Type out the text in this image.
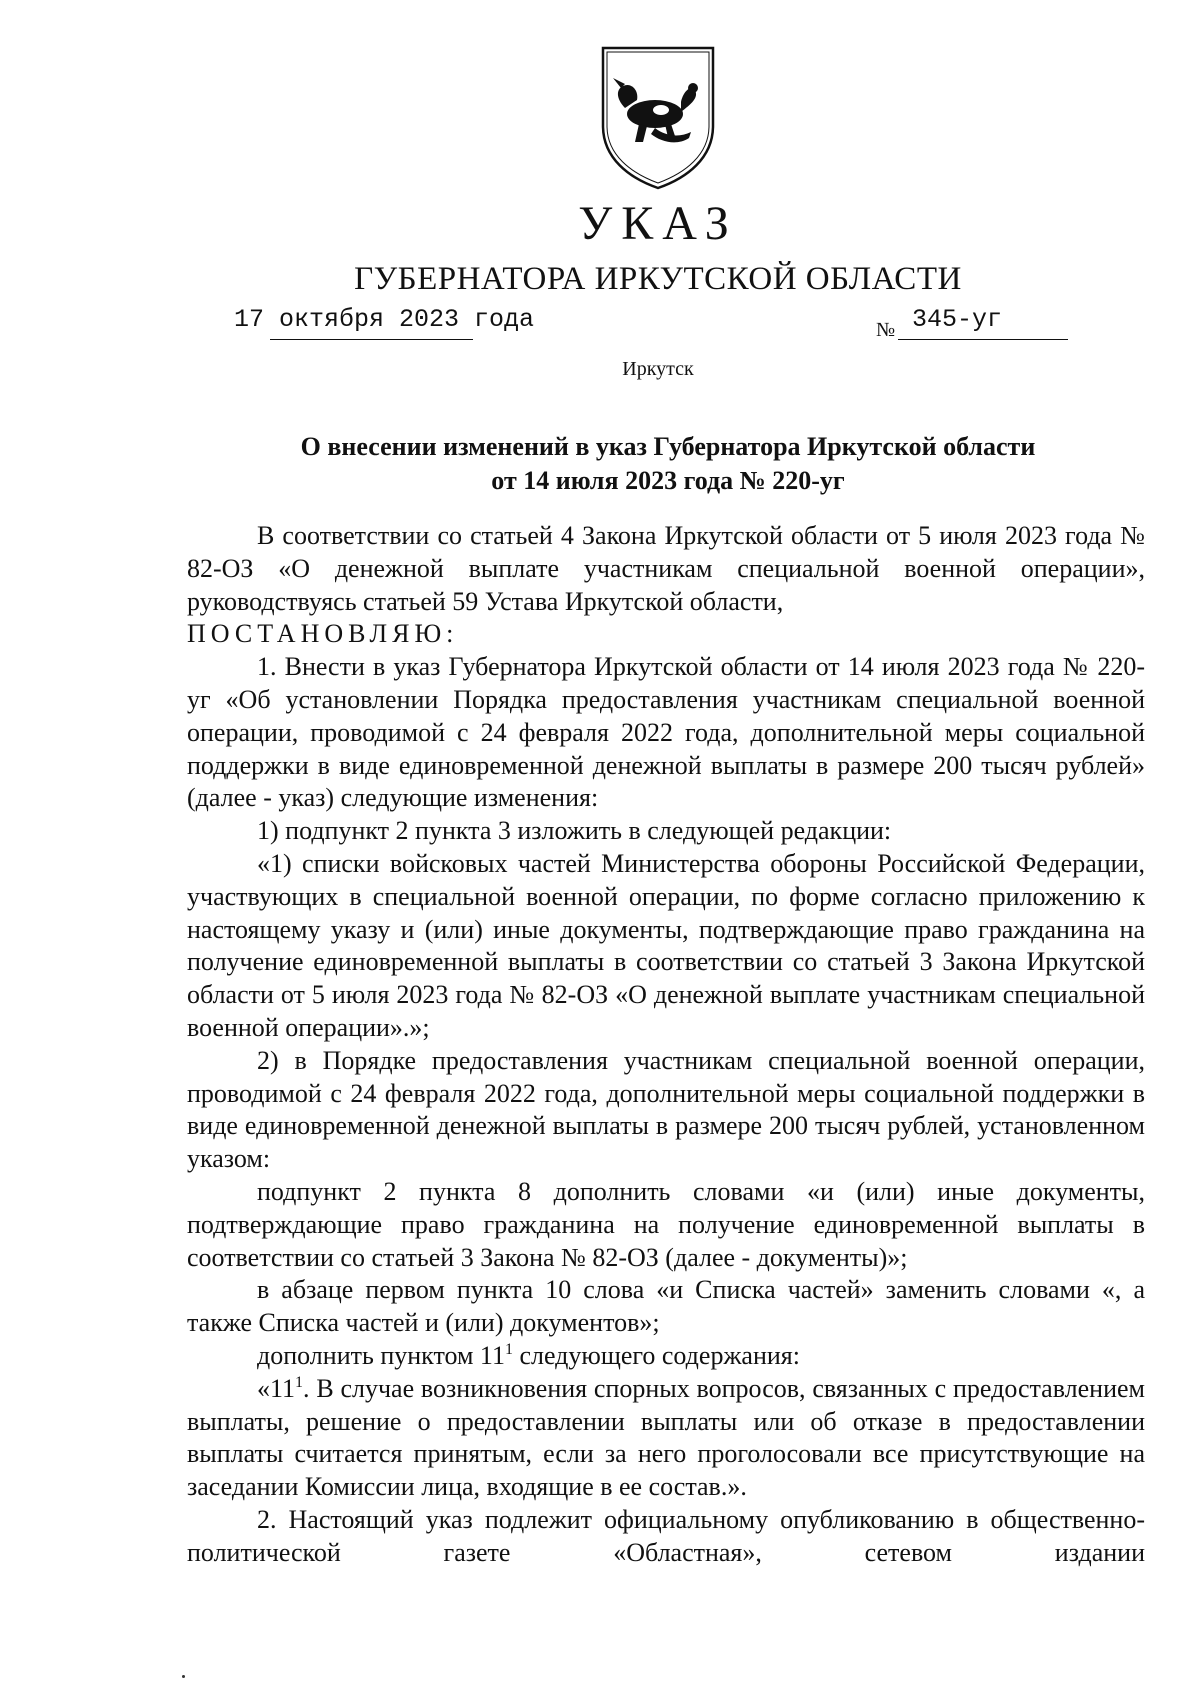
УКАЗ
ГУБЕРНАТОРА ИРКУТСКОЙ ОБЛАСТИ
17 октября 2023 года	№ 345-уг
Иркутск
О внесении изменений в указ Губернатора Иркутской области
от 14 июля 2023 года № 220-уг

В соответствии со статьей 4 Закона Иркутской области от 5 июля 2023 года № 82-ОЗ «О денежной выплате участникам специальной военной операции», руководствуясь статьей 59 Устава Иркутской области,

ПОСТАНОВЛЯЮ:

1. Внести в указ Губернатора Иркутской области от 14 июля 2023 года № 220-уг «Об установлении Порядка предоставления участникам специальной военной операции, проводимой с 24 февраля 2022 года, дополнительной меры социальной поддержки в виде единовременной денежной выплаты в размере 200 тысяч рублей» (далее - указ) следующие изменения:

1) подпункт 2 пункта 3 изложить в следующей редакции:

«1) списки войсковых частей Министерства обороны Российской Федерации, участвующих в специальной военной операции, по форме согласно приложению к настоящему указу и (или) иные документы, подтверждающие право гражданина на получение единовременной выплаты в соответствии со статьей 3 Закона Иркутской области от 5 июля 2023 года № 82-ОЗ «О денежной выплате участникам специальной военной операции».»;

2) в Порядке предоставления участникам специальной военной операции, проводимой с 24 февраля 2022 года, дополнительной меры социальной поддержки в виде единовременной денежной выплаты в размере 200 тысяч рублей, установленном указом:

подпункт 2 пункта 8 дополнить словами «и (или) иные документы, подтверждающие право гражданина на получение единовременной выплаты в соответствии со статьей 3 Закона № 82-ОЗ (далее - документы)»;

в абзаце первом пункта 10 слова «и Списка частей» заменить словами «, а также Списка частей и (или) документов»;

дополнить пунктом $11^1$ следующего содержания:

«$11^1$. В случае возникновения спорных вопросов, связанных с предоставлением выплаты, решение о предоставлении выплаты или об отказе в предоставлении выплаты считается принятым, если за него проголосовали все присутствующие на заседании Комиссии лица, входящие в ее состав.».

2. Настоящий указ подлежит официальному опубликованию в общественно-политической газете «Областная», сетевом издании
